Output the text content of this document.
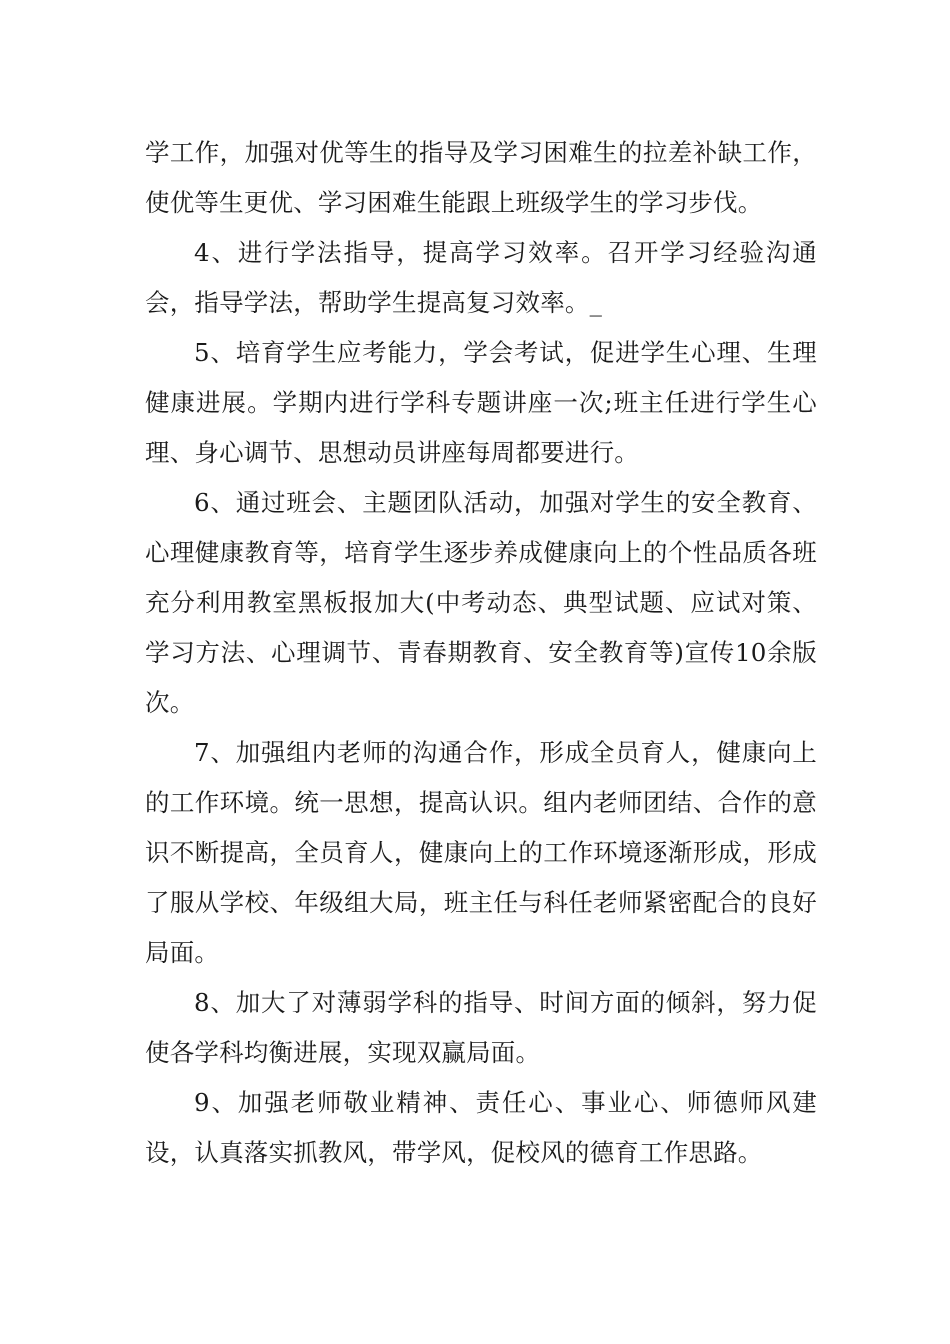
学工作，加强对优等生的指导及学习困难生的拉差补缺工作，使优等生更优、学习困难生能跟上班级学生的学习步伐。

4、进行学法指导，提高学习效率。召开学习经验沟通会，指导学法，帮助学生提高复习效率。_

5、培育学生应考能力，学会考试，促进学生心理、生理健康进展。学期内进行学科专题讲座一次;班主任进行学生心理、身心调节、思想动员讲座每周都要进行。

6、通过班会、主题团队活动，加强对学生的安全教育、心理健康教育等，培育学生逐步养成健康向上的个性品质各班充分利用教室黑板报加大(中考动态、典型试题、应试对策、学习方法、心理调节、青春期教育、安全教育等)宣传10余版次。

7、加强组内老师的沟通合作，形成全员育人，健康向上的工作环境。统一思想，提高认识。组内老师团结、合作的意识不断提高，全员育人，健康向上的工作环境逐渐形成，形成了服从学校、年级组大局，班主任与科任老师紧密配合的良好局面。

8、加大了对薄弱学科的指导、时间方面的倾斜，努力促使各学科均衡进展，实现双赢局面。

9、加强老师敬业精神、责任心、事业心、师德师风建设，认真落实抓教风，带学风，促校风的德育工作思路。
